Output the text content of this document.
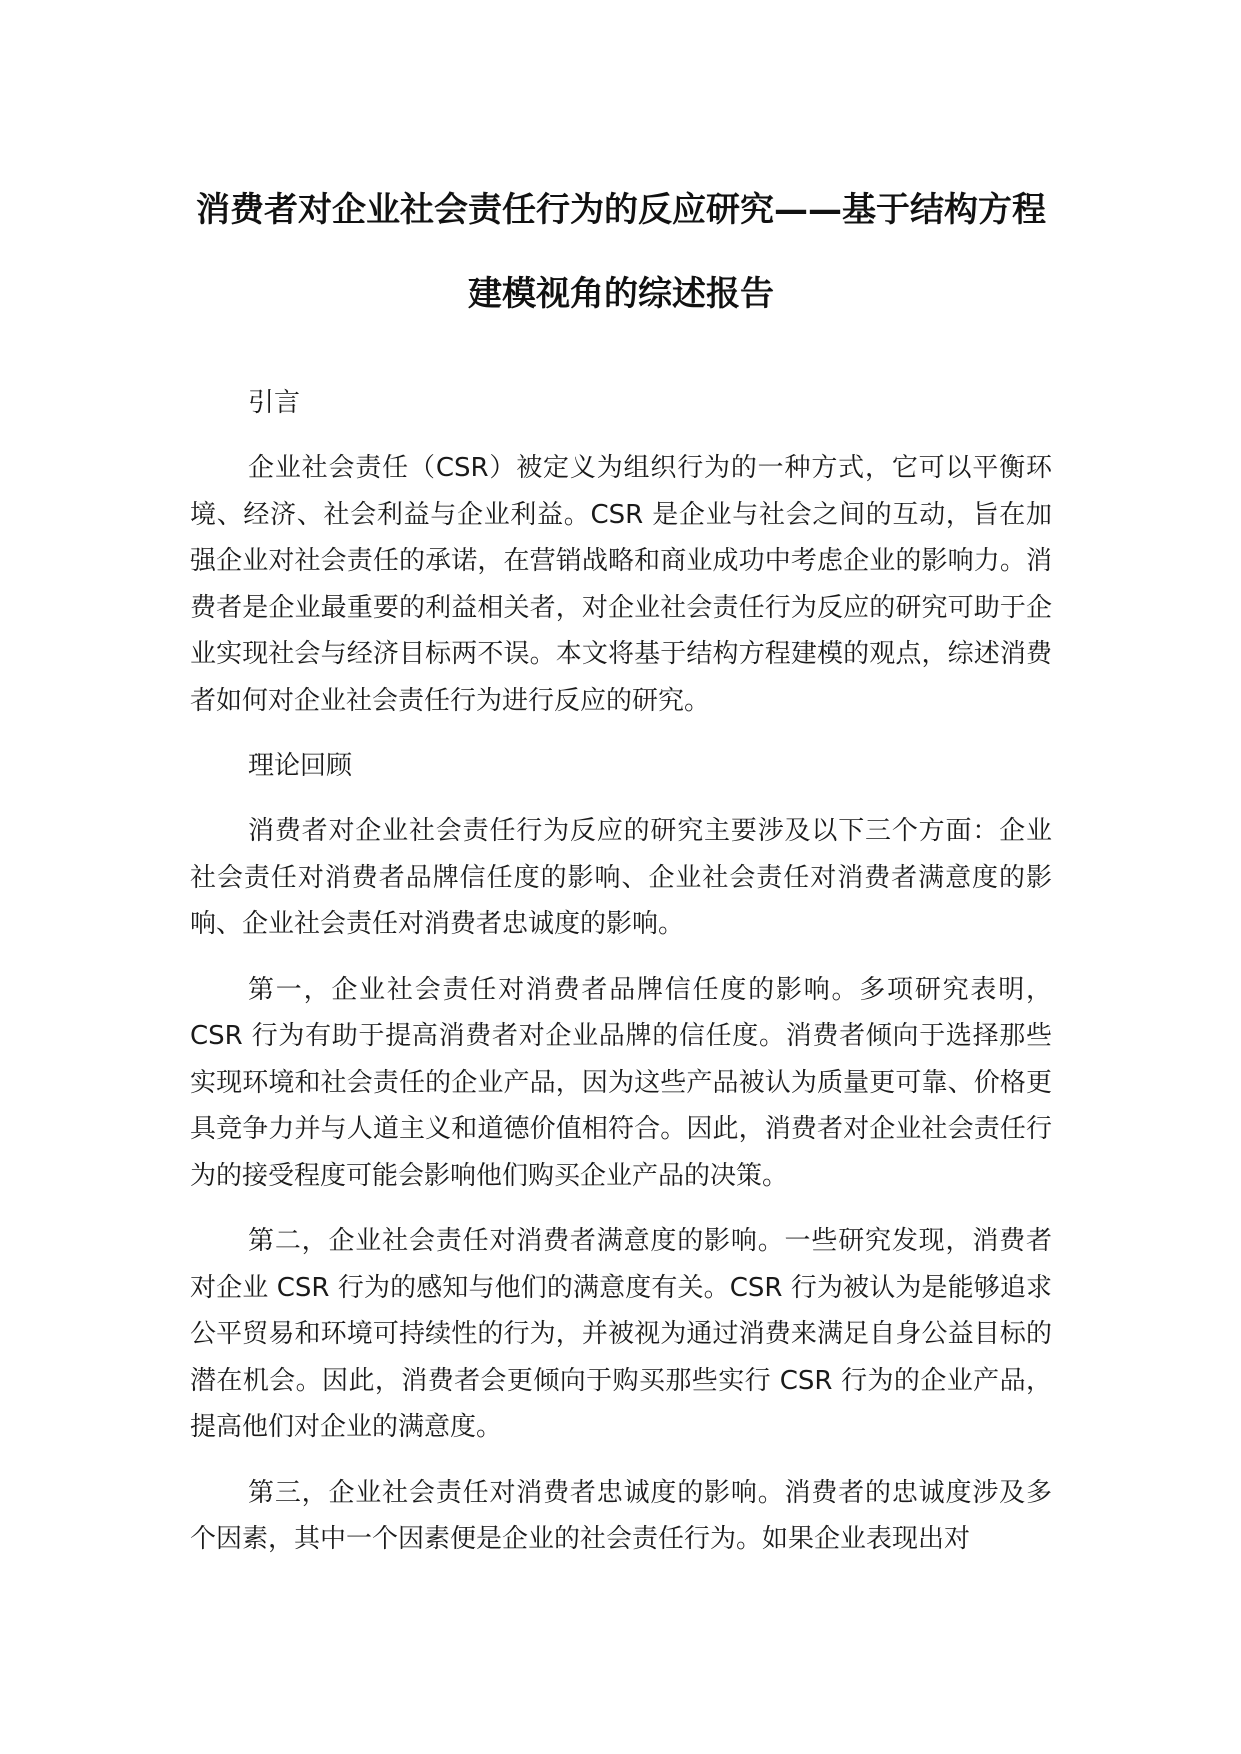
消费者对企业社会责任行为的反应研究——基于结构方程建模视角的综述报告

引言

企业社会责任（CSR）被定义为组织行为的一种方式，它可以平衡环境、经济、社会利益与企业利益。CSR 是企业与社会之间的互动，旨在加强企业对社会责任的承诺，在营销战略和商业成功中考虑企业的影响力。消费者是企业最重要的利益相关者，对企业社会责任行为反应的研究可助于企业实现社会与经济目标两不误。本文将基于结构方程建模的观点，综述消费者如何对企业社会责任行为进行反应的研究。

理论回顾

消费者对企业社会责任行为反应的研究主要涉及以下三个方面：企业社会责任对消费者品牌信任度的影响、企业社会责任对消费者满意度的影响、企业社会责任对消费者忠诚度的影响。

第一，企业社会责任对消费者品牌信任度的影响。多项研究表明，CSR 行为有助于提高消费者对企业品牌的信任度。消费者倾向于选择那些实现环境和社会责任的企业产品，因为这些产品被认为质量更可靠、价格更具竞争力并与人道主义和道德价值相符合。因此，消费者对企业社会责任行为的接受程度可能会影响他们购买企业产品的决策。

第二，企业社会责任对消费者满意度的影响。一些研究发现，消费者对企业 CSR 行为的感知与他们的满意度有关。CSR 行为被认为是能够追求公平贸易和环境可持续性的行为，并被视为通过消费来满足自身公益目标的潜在机会。因此，消费者会更倾向于购买那些实行 CSR 行为的企业产品，提高他们对企业的满意度。

第三，企业社会责任对消费者忠诚度的影响。消费者的忠诚度涉及多个因素，其中一个因素便是企业的社会责任行为。如果企业表现出对
